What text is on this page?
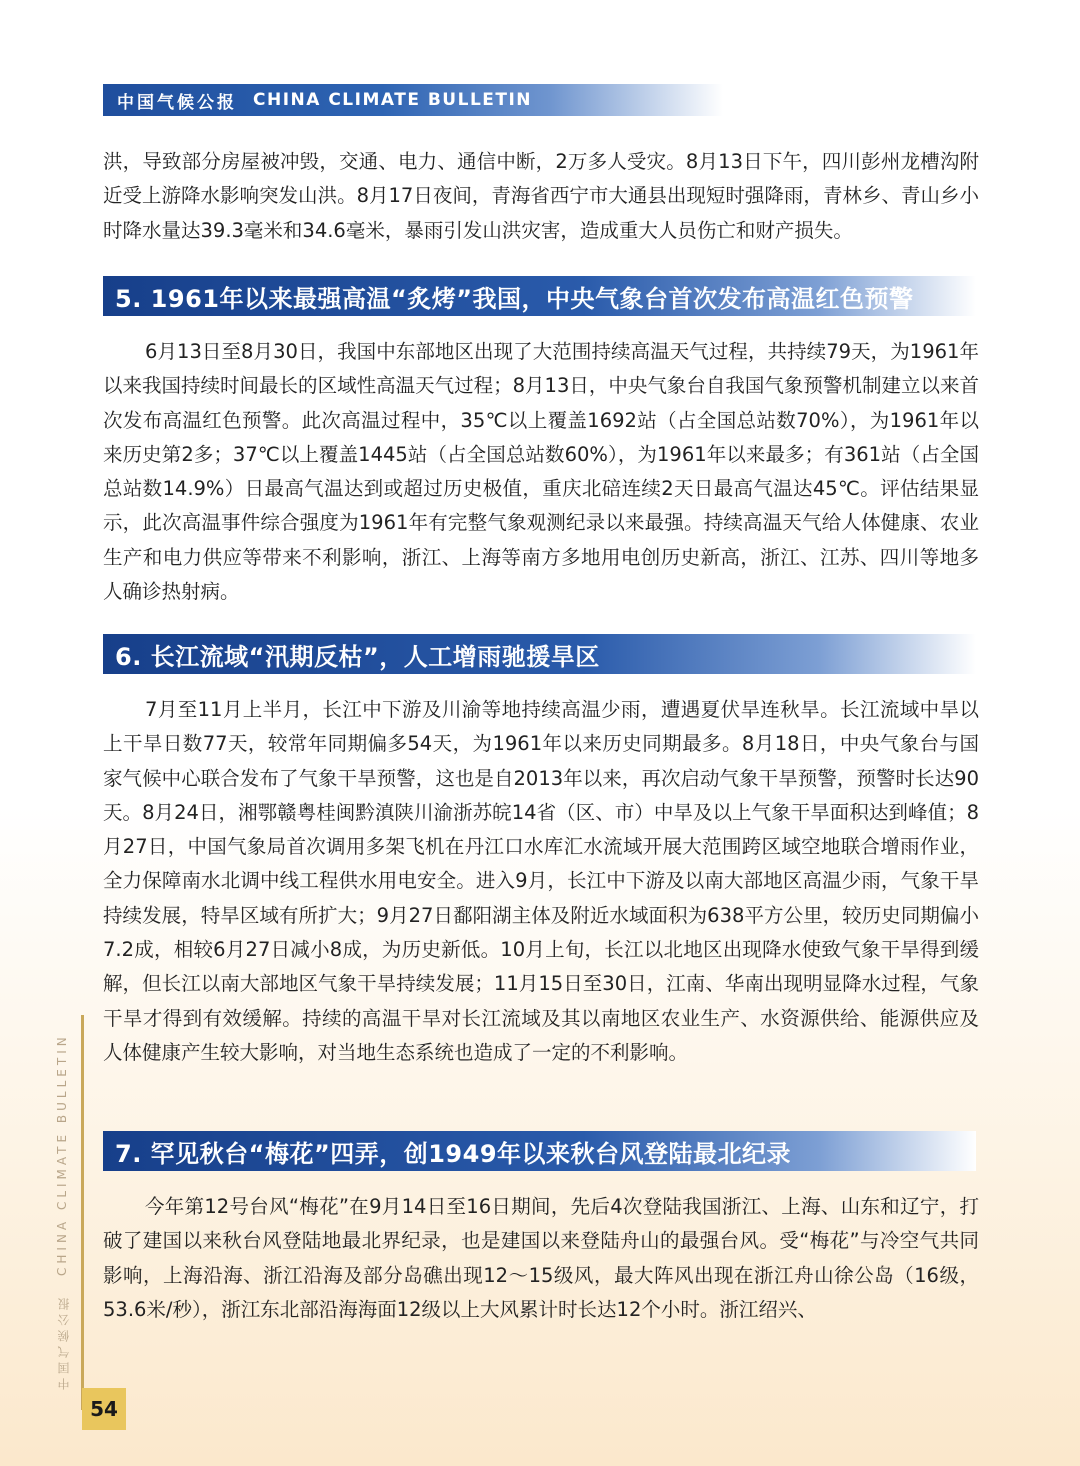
中国气候公报 CHINA CLIMATE BULLETIN

洪，导致部分房屋被冲毁，交通、电力、通信中断，2万多人受灾。8月13日下午，四川彭州龙槽沟附近受上游降水影响突发山洪。8月17日夜间，青海省西宁市大通县出现短时强降雨，青林乡、青山乡小时降水量达39.3毫米和34.6毫米，暴雨引发山洪灾害，造成重大人员伤亡和财产损失。

5. 1961年以来最强高温“炙烤”我国，中央气象台首次发布高温红色预警

6月13日至8月30日，我国中东部地区出现了大范围持续高温天气过程，共持续79天，为1961年以来我国持续时间最长的区域性高温天气过程；8月13日，中央气象台自我国气象预警机制建立以来首次发布高温红色预警。此次高温过程中，35℃以上覆盖1692站（占全国总站数70%），为1961年以来历史第2多；37℃以上覆盖1445站（占全国总站数60%），为1961年以来最多；有361站（占全国总站数14.9%）日最高气温达到或超过历史极值，重庆北碚连续2天日最高气温达45℃。评估结果显示，此次高温事件综合强度为1961年有完整气象观测纪录以来最强。持续高温天气给人体健康、农业生产和电力供应等带来不利影响，浙江、上海等南方多地用电创历史新高，浙江、江苏、四川等地多人确诊热射病。

6. 长江流域“汛期反枯”，人工增雨驰援旱区

7月至11月上半月，长江中下游及川渝等地持续高温少雨，遭遇夏伏旱连秋旱。长江流域中旱以上干旱日数77天，较常年同期偏多54天，为1961年以来历史同期最多。8月18日，中央气象台与国家气候中心联合发布了气象干旱预警，这也是自2013年以来，再次启动气象干旱预警，预警时长达90天。8月24日，湘鄂赣粤桂闽黔滇陕川渝浙苏皖14省（区、市）中旱及以上气象干旱面积达到峰值；8月27日，中国气象局首次调用多架飞机在丹江口水库汇水流域开展大范围跨区域空地联合增雨作业，全力保障南水北调中线工程供水用电安全。进入9月，长江中下游及以南大部地区高温少雨，气象干旱持续发展，特旱区域有所扩大；9月27日鄱阳湖主体及附近水域面积为638平方公里，较历史同期偏小7.2成，相较6月27日减小8成，为历史新低。10月上旬，长江以北地区出现降水使致气象干旱得到缓解，但长江以南大部地区气象干旱持续发展；11月15日至30日，江南、华南出现明显降水过程，气象干旱才得到有效缓解。持续的高温干旱对长江流域及其以南地区农业生产、水资源供给、能源供应及人体健康产生较大影响，对当地生态系统也造成了一定的不利影响。

7. 罕见秋台“梅花”四弄，创1949年以来秋台风登陆最北纪录

今年第12号台风“梅花”在9月14日至16日期间，先后4次登陆我国浙江、上海、山东和辽宁，打破了建国以来秋台风登陆地最北界纪录，也是建国以来登陆舟山的最强台风。受“梅花”与冷空气共同影响，上海沿海、浙江沿海及部分岛礁出现12～15级风，最大阵风出现在浙江舟山徐公岛（16级，53.6米/秒），浙江东北部沿海海面12级以上大风累计时长达12个小时。浙江绍兴、

中国气候公报
CHINA CLIMATE BULLETIN
54
